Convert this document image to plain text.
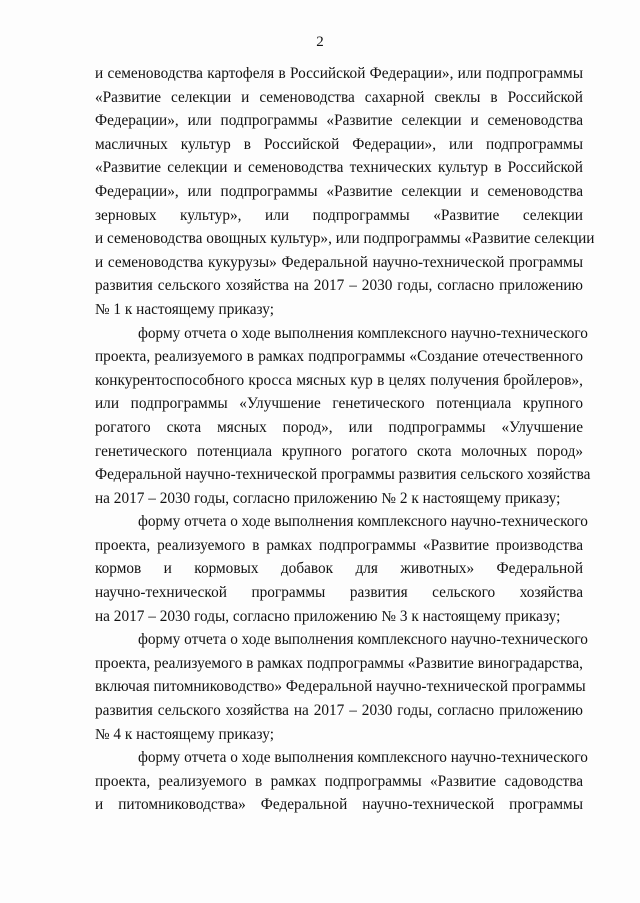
2
и семеноводства картофеля в Российской Федерации», или подпрограммы
«Развитие селекции и семеноводства сахарной свеклы в Российской
Федерации», или подпрограммы «Развитие селекции и семеноводства
масличных культур в Российской Федерации», или подпрограммы
«Развитие селекции и семеноводства технических культур в Российской
Федерации», или подпрограммы «Развитие селекции и семеноводства
зерновых культур», или подпрограммы «Развитие селекции
и семеноводства овощных культур», или подпрограммы «Развитие селекции
и семеноводства кукурузы» Федеральной научно-технической программы
развития сельского хозяйства на 2017 – 2030 годы, согласно приложению
№ 1 к настоящему приказу;
форму отчета о ходе выполнения комплексного научно-технического
проекта, реализуемого в рамках подпрограммы «Создание отечественного
конкурентоспособного кросса мясных кур в целях получения бройлеров»,
или подпрограммы «Улучшение генетического потенциала крупного
рогатого скота мясных пород», или подпрограммы «Улучшение
генетического потенциала крупного рогатого скота молочных пород»
Федеральной научно-технической программы развития сельского хозяйства
на 2017 – 2030 годы, согласно приложению № 2 к настоящему приказу;
форму отчета о ходе выполнения комплексного научно-технического
проекта, реализуемого в рамках подпрограммы «Развитие производства
кормов и кормовых добавок для животных» Федеральной
научно-технической программы развития сельского хозяйства
на 2017 – 2030 годы, согласно приложению № 3 к настоящему приказу;
форму отчета о ходе выполнения комплексного научно-технического
проекта, реализуемого в рамках подпрограммы «Развитие виноградарства,
включая питомниководство» Федеральной научно-технической программы
развития сельского хозяйства на 2017 – 2030 годы, согласно приложению
№ 4 к настоящему приказу;
форму отчета о ходе выполнения комплексного научно-технического
проекта, реализуемого в рамках подпрограммы «Развитие садоводства
и питомниководства» Федеральной научно-технической программы
